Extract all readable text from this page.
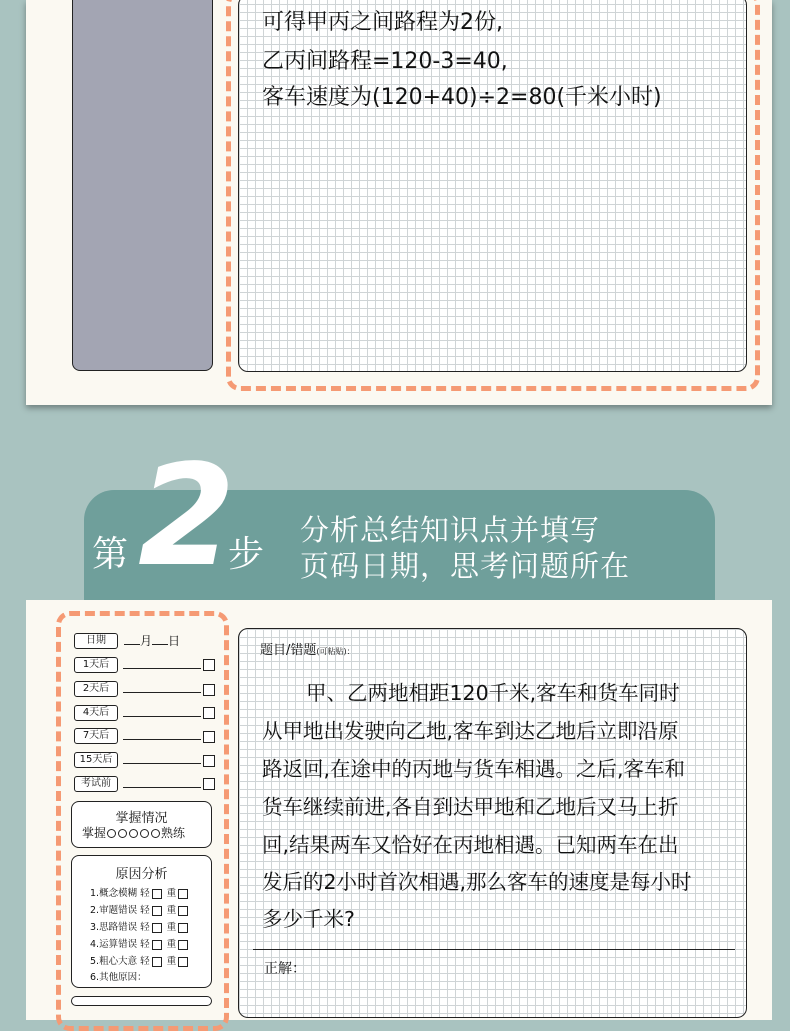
可得甲丙之间路程为2份,
乙丙间路程=120-3=40,
客车速度为(120+40)÷2=80(千米小时)
第 2
步
分析总结知识点并填写
页码日期，思考问题所在
日期	月 日
1天后
2天后
4天后
7天后
15天后
考试前
掌握情况
掌握	熟练
原因分析
1.概念模糊 轻 重
2.审题错误 轻 重
3.思路错误 轻 重
4.运算错误 轻 重
5.粗心大意 轻 重
6.其他原因：
题目/错题(可粘贴)：
甲、乙两地相距120千米,客车和货车同时
从甲地出发驶向乙地,客车到达乙地后立即沿原
路返回,在途中的丙地与货车相遇。之后,客车和
货车继续前进,各自到达甲地和乙地后又马上折
回,结果两车又恰好在丙地相遇。已知两车在出
发后的2小时首次相遇,那么客车的速度是每小时
多少千米?
正解：
